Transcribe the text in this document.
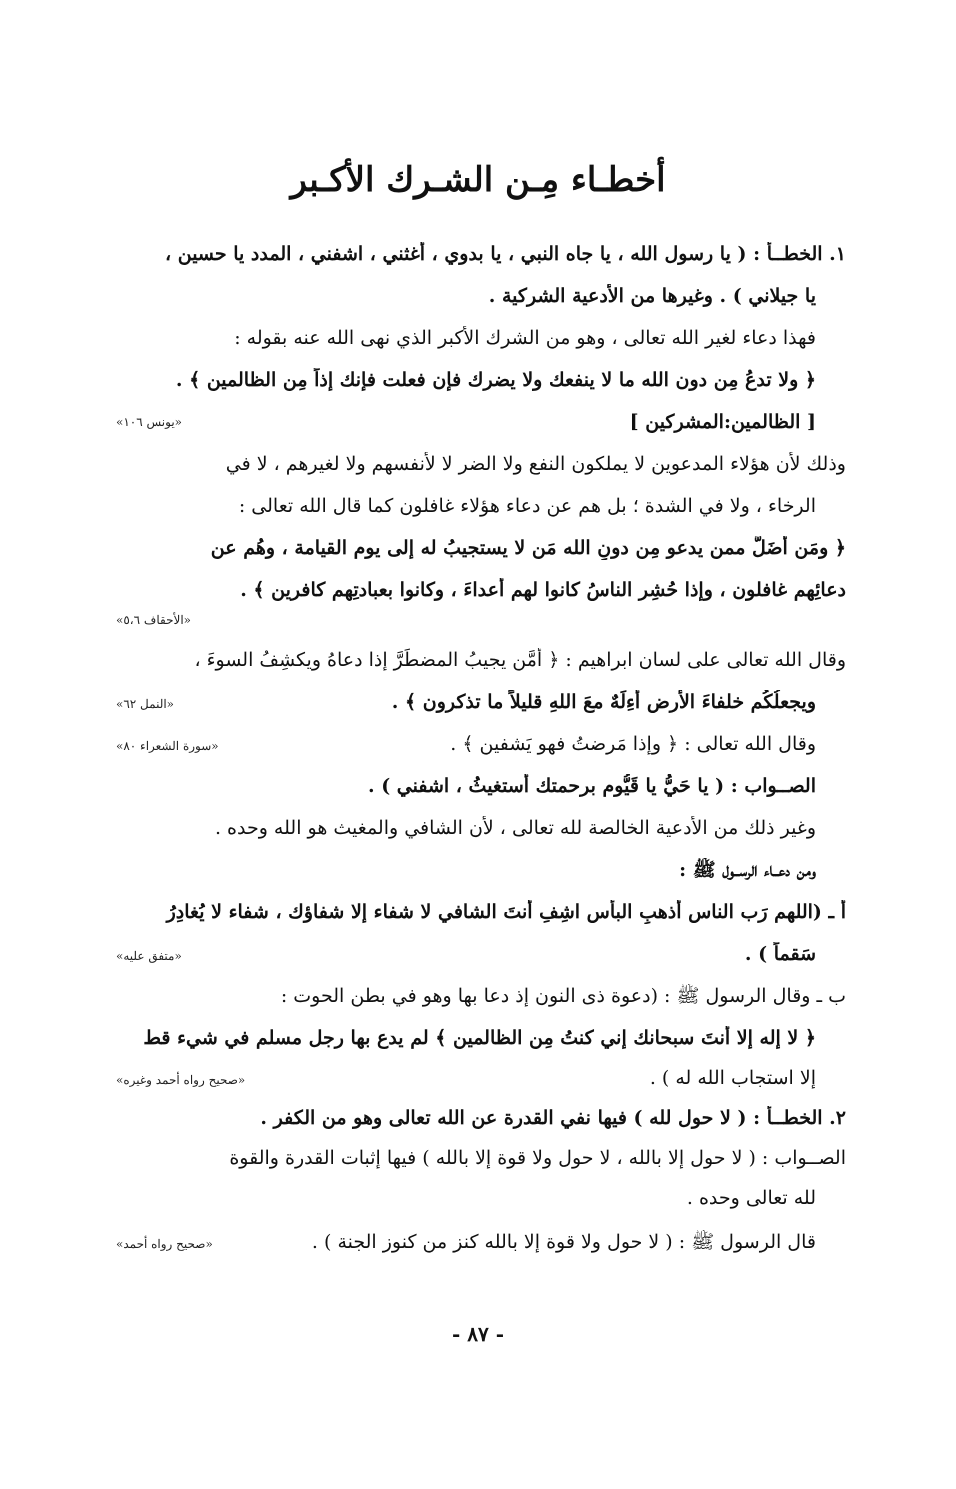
أخطـاء مِـن الشـرك الأكـبر
١. الخطــأ : ( يا رسول الله ، يا جاه النبي ، يا بدوي ، أغثني ، اشفني ، المدد يا حسين ،
يا جيلاني ) . وغيرها من الأدعية الشركية .
فهذا دعاء لغير الله تعالى ، وهو من الشرك الأكبر الذي نهى الله عنه بقوله :
﴿ ولا تدعُ مِن دون الله ما لا ينفعك ولا يضرك فإن فعلت فإنك إذاً مِن الظالمين ﴾ .
[ الظالمين:المشركين ]
«يونس ١٠٦»
وذلك لأن هؤلاء المدعوين لا يملكون النفع ولا الضر لا لأنفسهم ولا لغيرهم ، لا في
الرخاء ، ولا في الشدة ؛ بل هم عن دعاء هؤلاء غافلون كما قال الله تعالى :
﴿ ومَن أضَلُّ ممن يدعو مِن دونِ الله مَن لا يستجيبُ له إلى يوم القيامة ، وهُم عن
دعائِهم غافلون ، وإذا حُشِر الناسُ كانوا لهم أعداءَ ، وكانوا بعبادتِهم كافرين ﴾ .
«الأحقاف ٥،٦»
وقال الله تعالى على لسان ابراهيم : ﴿ أمَّن يجيبُ المضطَرَّ إذا دعاهُ ويكشِفُ السوءَ ،
ويجعلُكُم خلفاءَ الأرض أءِلَهٌ معَ اللهِ قليلاً ما تذكرون ﴾ .
«النمل ٦٢»
وقال الله تعالى : ﴿ وإذا مَرضتُ فهو يَشفين ﴾ .
«سورة الشعراء ٨٠»
الصــواب : ( يا حَيُّ يا قَيُّوم برحمتك أستغيثُ ، اشفني ) .
وغير ذلك من الأدعية الخالصة لله تعالى ، لأن الشافي والمغيث هو الله وحده .
ومن دعــاء الرســول ﷺ :
أ ـ (اللهم رَب الناس أذهبِ البأس اشِفِ أنتَ الشافي لا شفاء إلا شفاؤك ، شفاء لا يُغادِرُ
سَقماً ) .
«متفق عليه»
ب ـ وقال الرسول ﷺ : (دعوة ذى النون إذ دعا بها وهو في بطن الحوت :
﴿ لا إله إلا أنتَ سبحانك إني كنتُ مِن الظالمين ﴾ لم يدع بها رجل مسلم في شيء قط
إلا استجاب الله له ) .
«صحيح رواه أحمد وغيره»
٢. الخطــأ : ( لا حول لله ) فيها نفي القدرة عن الله تعالى وهو من الكفر .
الصــواب : ( لا حول إلا بالله ، لا حول ولا قوة إلا بالله ) فيها إثبات القدرة والقوة
لله تعالى وحده .
قال الرسول ﷺ : ( لا حول ولا قوة إلا بالله كنز من كنوز الجنة ) .
«صحيح رواه أحمد»
- ٨٧ -
